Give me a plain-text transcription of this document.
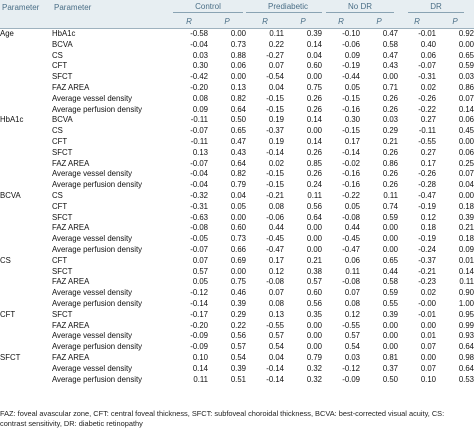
Parameter	Parameter	Control		Prediabetic		No DR		DR	
		R	P	R	P	R	P	R	P
Age	HbA1c	-0.58	0.00	0.11	0.39	-0.10	0.47	-0.01	0.92
	BCVA	-0.04	0.73	0.22	0.14	-0.06	0.58	0.40	0.00
	CS	0.03	0.88	-0.27	0.04	0.09	0.47	0.06	0.65
	CFT	0.30	0.06	0.07	0.60	-0.19	0.43	-0.07	0.59
	SFCT	-0.42	0.00	-0.54	0.00	-0.44	0.00	-0.31	0.03
	FAZ AREA	-0.20	0.13	0.04	0.75	0.05	0.71	0.02	0.86
	Average vessel density	0.08	0.82	-0.15	0.26	-0.15	0.26	-0.26	0.07
	Average perfusion density	0.09	0.64	-0.15	0.26	-0.16	0.26	-0.22	0.14
HbA1c	BCVA	-0.11	0.50	0.19	0.14	0.30	0.03	0.27	0.06
	CS	-0.07	0.65	-0.37	0.00	-0.15	0.29	-0.11	0.45
	CFT	-0.11	0.47	0.19	0.14	0.17	0.21	-0.55	0.00
	SFCT	0.13	0.43	-0.14	0.26	-0.14	0.26	0.27	0.06
	FAZ AREA	-0.07	0.64	0.02	0.85	-0.02	0.86	0.17	0.25
	Average vessel density	-0.04	0.82	-0.15	0.26	-0.16	0.26	-0.26	0.07
	Average perfusion density	-0.04	0.79	-0.15	0.24	-0.16	0.26	-0.28	0.04
BCVA	CS	-0.32	0.04	-0.21	0.11	-0.22	0.11	-0.47	0.00
	CFT	-0.31	0.05	0.08	0.56	0.05	0.74	-0.19	0.18
	SFCT	-0.63	0.00	-0.06	0.64	-0.08	0.59	0.12	0.39
	FAZ AREA	-0.08	0.60	0.44	0.00	0.44	0.00	0.18	0.21
	Average vessel density	-0.05	0.73	-0.45	0.00	-0.45	0.00	-0.19	0.18
	Average perfusion density	-0.07	0.66	-0.47	0.00	-0.47	0.00	-0.24	0.09
CS	CFT	0.07	0.69	0.17	0.21	0.06	0.65	-0.37	0.01
	SFCT	0.57	0.00	0.12	0.38	0.11	0.44	-0.21	0.14
	FAZ AREA	0.05	0.75	-0.08	0.57	-0.08	0.58	-0.23	0.11
	Average vessel density	-0.12	0.46	0.07	0.60	0.07	0.59	0.02	0.90
	Average perfusion density	-0.14	0.39	0.08	0.56	0.08	0.55	-0.00	1.00
CFT	SFCT	-0.17	0.29	0.13	0.35	0.12	0.39	-0.01	0.95
	FAZ AREA	-0.20	0.22	-0.55	0.00	-0.55	0.00	0.00	0.99
	Average vessel density	-0.09	0.56	0.57	0.00	0.57	0.00	0.01	0.93
	Average perfusion density	-0.09	0.57	0.54	0.00	0.54	0.00	0.07	0.64
SFCT	FAZ AREA	0.10	0.54	0.04	0.79	0.03	0.81	0.00	0.98
	Average vessel density	0.14	0.39	-0.14	0.32	-0.12	0.37	0.07	0.64
	Average perfusion density	0.11	0.51	-0.14	0.32	-0.09	0.50	0.10	0.53
FAZ: foveal avascular zone, CFT: central foveal thickness, SFCT: subfoveal choroidal thickness, BCVA: best-corrected visual acuity, CS: contrast sensitivity, DR: diabetic retinopathy
